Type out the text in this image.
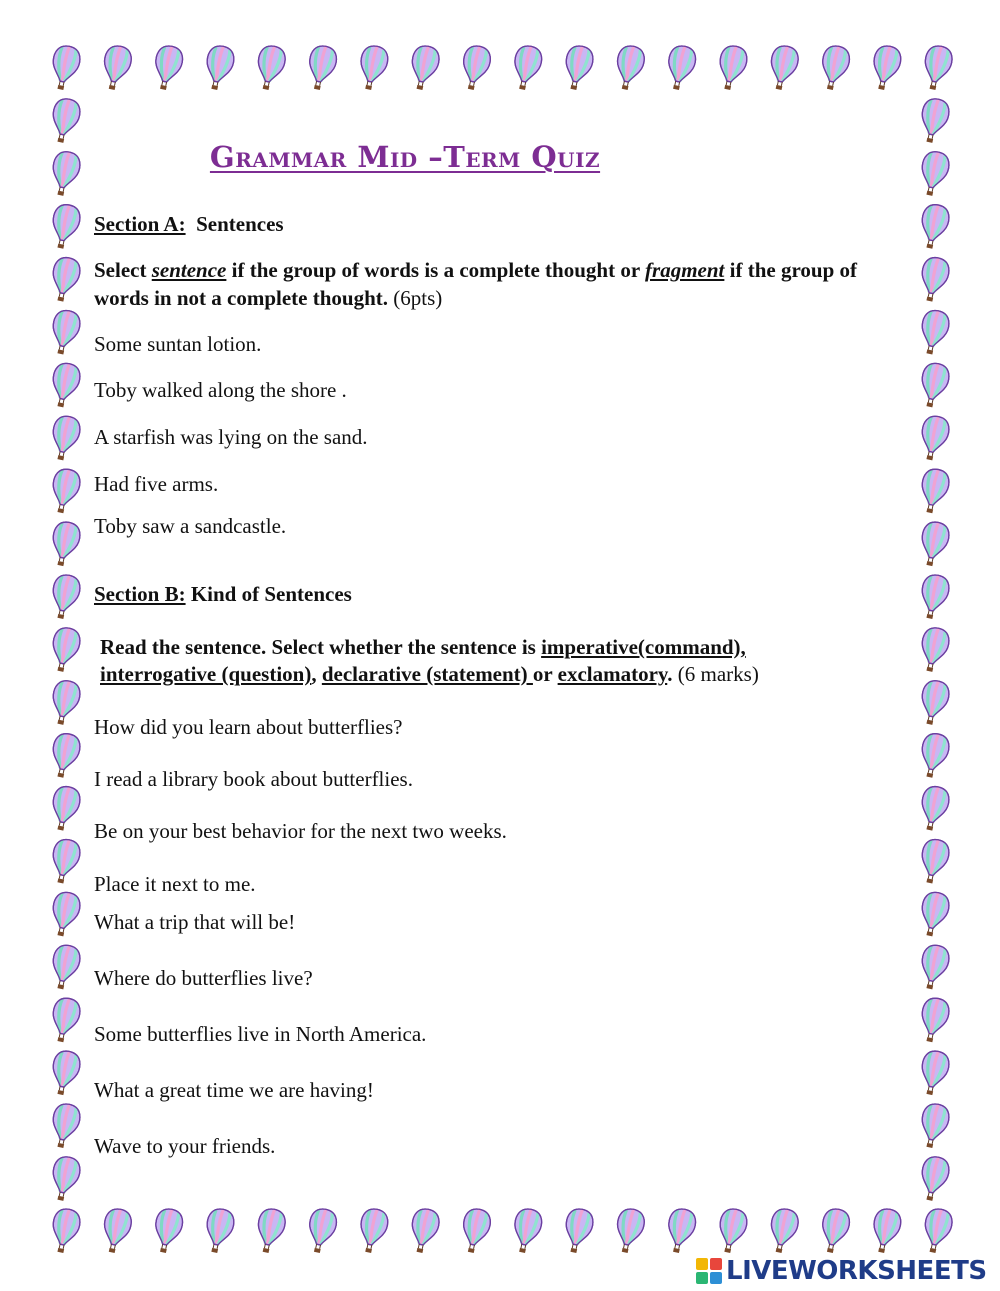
Grammar Mid –Term Quiz
Section A: Sentences
Select sentence if the group of words is a complete thought or fragment if the group of words in not a complete thought. (6pts)
Some suntan lotion.
Toby walked along the shore .
A starfish was lying on the sand.
Had five arms.
Toby saw a sandcastle.
Section B: Kind of Sentences
Read the sentence. Select whether the sentence is imperative(command),
interrogative (question), declarative (statement) or exclamatory. (6 marks)
How did you learn about butterflies?
I read a library book about butterflies.
Be on your best behavior for the next two weeks.
Place it next to me.
What a trip that will be!
Where do butterflies live?
Some butterflies live in North America.
What a great time we are having!
Wave to your friends.
LIVEWORKSHEETS
